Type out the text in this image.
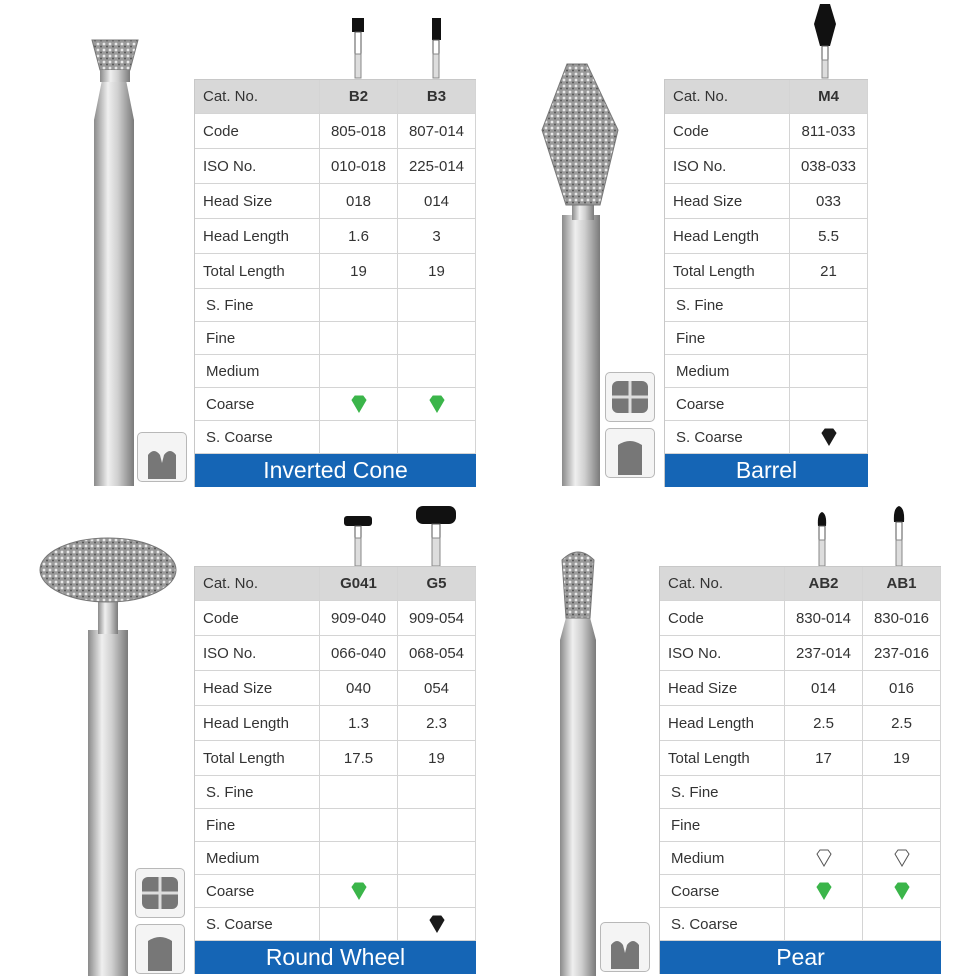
Cat. No.	B2	B3
Code	805-018	807-014
ISO No.	010-018	225-014
Head Size	018	014
Head Length	1.6	3
Total Length	19	19
S. Fine
Fine
Medium
Coarse
S. Coarse
Inverted Cone
Cat. No.	M4
Code	811-033
ISO No.	038-033
Head Size	033
Head Length	5.5
Total Length	21
S. Fine
Fine
Medium
Coarse
S. Coarse
Barrel
Cat. No.	G041	G5
Code	909-040	909-054
ISO No.	066-040	068-054
Head Size	040	054
Head Length	1.3	2.3
Total Length	17.5	19
S. Fine
Fine
Medium
Coarse
S. Coarse
Round Wheel
Cat. No.	AB2	AB1
Code	830-014	830-016
ISO No.	237-014	237-016
Head Size	014	016
Head Length	2.5	2.5
Total Length	17	19
S. Fine
Fine
Medium
Coarse
S. Coarse
Pear
